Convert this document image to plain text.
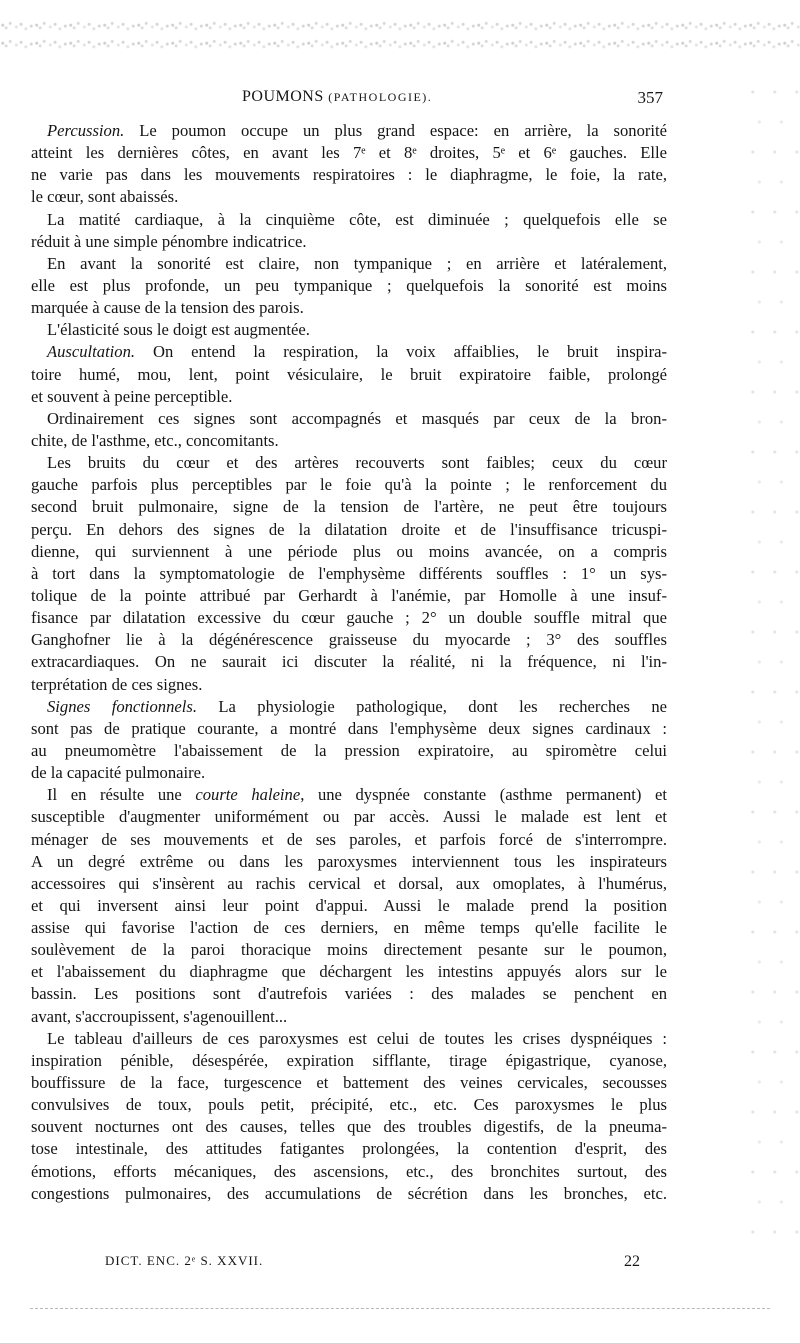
POUMONS (PATHOLOGIE).	357
Percussion. Le poumon occupe un plus grand espace: en arrière, la sonorité
atteint les dernières côtes, en avant les 7ᵉ et 8ᵉ droites, 5ᵉ et 6ᵉ gauches. Elle
ne varie pas dans les mouvements respiratoires : le diaphragme, le foie, la rate,
le cœur, sont abaissés.
La matité cardiaque, à la cinquième côte, est diminuée ; quelquefois elle se
réduit à une simple pénombre indicatrice.
En avant la sonorité est claire, non tympanique ; en arrière et latéralement,
elle est plus profonde, un peu tympanique ; quelquefois la sonorité est moins
marquée à cause de la tension des parois.
L'élasticité sous le doigt est augmentée.
Auscultation. On entend la respiration, la voix affaiblies, le bruit inspira-
toire humé, mou, lent, point vésiculaire, le bruit expiratoire faible, prolongé
et souvent à peine perceptible.
Ordinairement ces signes sont accompagnés et masqués par ceux de la bron-
chite, de l'asthme, etc., concomitants.
Les bruits du cœur et des artères recouverts sont faibles; ceux du cœur
gauche parfois plus perceptibles par le foie qu'à la pointe ; le renforcement du
second bruit pulmonaire, signe de la tension de l'artère, ne peut être toujours
perçu. En dehors des signes de la dilatation droite et de l'insuffisance tricuspi-
dienne, qui surviennent à une période plus ou moins avancée, on a compris
à tort dans la symptomatologie de l'emphysème différents souffles : 1° un sys-
tolique de la pointe attribué par Gerhardt à l'anémie, par Homolle à une insuf-
fisance par dilatation excessive du cœur gauche ; 2° un double souffle mitral que
Ganghofner lie à la dégénérescence graisseuse du myocarde ; 3° des souffles
extracardiaques. On ne saurait ici discuter la réalité, ni la fréquence, ni l'in-
terprétation de ces signes.
Signes fonctionnels. La physiologie pathologique, dont les recherches ne
sont pas de pratique courante, a montré dans l'emphysème deux signes cardinaux :
au pneumomètre l'abaissement de la pression expiratoire, au spiromètre celui
de la capacité pulmonaire.
Il en résulte une courte haleine, une dyspnée constante (asthme permanent) et
susceptible d'augmenter uniformément ou par accès. Aussi le malade est lent et
ménager de ses mouvements et de ses paroles, et parfois forcé de s'interrompre.
A un degré extrême ou dans les paroxysmes interviennent tous les inspirateurs
accessoires qui s'insèrent au rachis cervical et dorsal, aux omoplates, à l'humérus,
et qui inversent ainsi leur point d'appui. Aussi le malade prend la position
assise qui favorise l'action de ces derniers, en même temps qu'elle facilite le
soulèvement de la paroi thoracique moins directement pesante sur le poumon,
et l'abaissement du diaphragme que déchargent les intestins appuyés alors sur le
bassin. Les positions sont d'autrefois variées : des malades se penchent en
avant, s'accroupissent, s'agenouillent...
Le tableau d'ailleurs de ces paroxysmes est celui de toutes les crises dyspnéiques :
inspiration pénible, désespérée, expiration sifflante, tirage épigastrique, cyanose,
bouffissure de la face, turgescence et battement des veines cervicales, secousses
convulsives de toux, pouls petit, précipité, etc., etc. Ces paroxysmes le plus
souvent nocturnes ont des causes, telles que des troubles digestifs, de la pneuma-
tose intestinale, des attitudes fatigantes prolongées, la contention d'esprit, des
émotions, efforts mécaniques, des ascensions, etc., des bronchites surtout, des
congestions pulmonaires, des accumulations de sécrétion dans les bronches, etc.
DICT. ENC. 2ᵉ S. XXVII.	22
